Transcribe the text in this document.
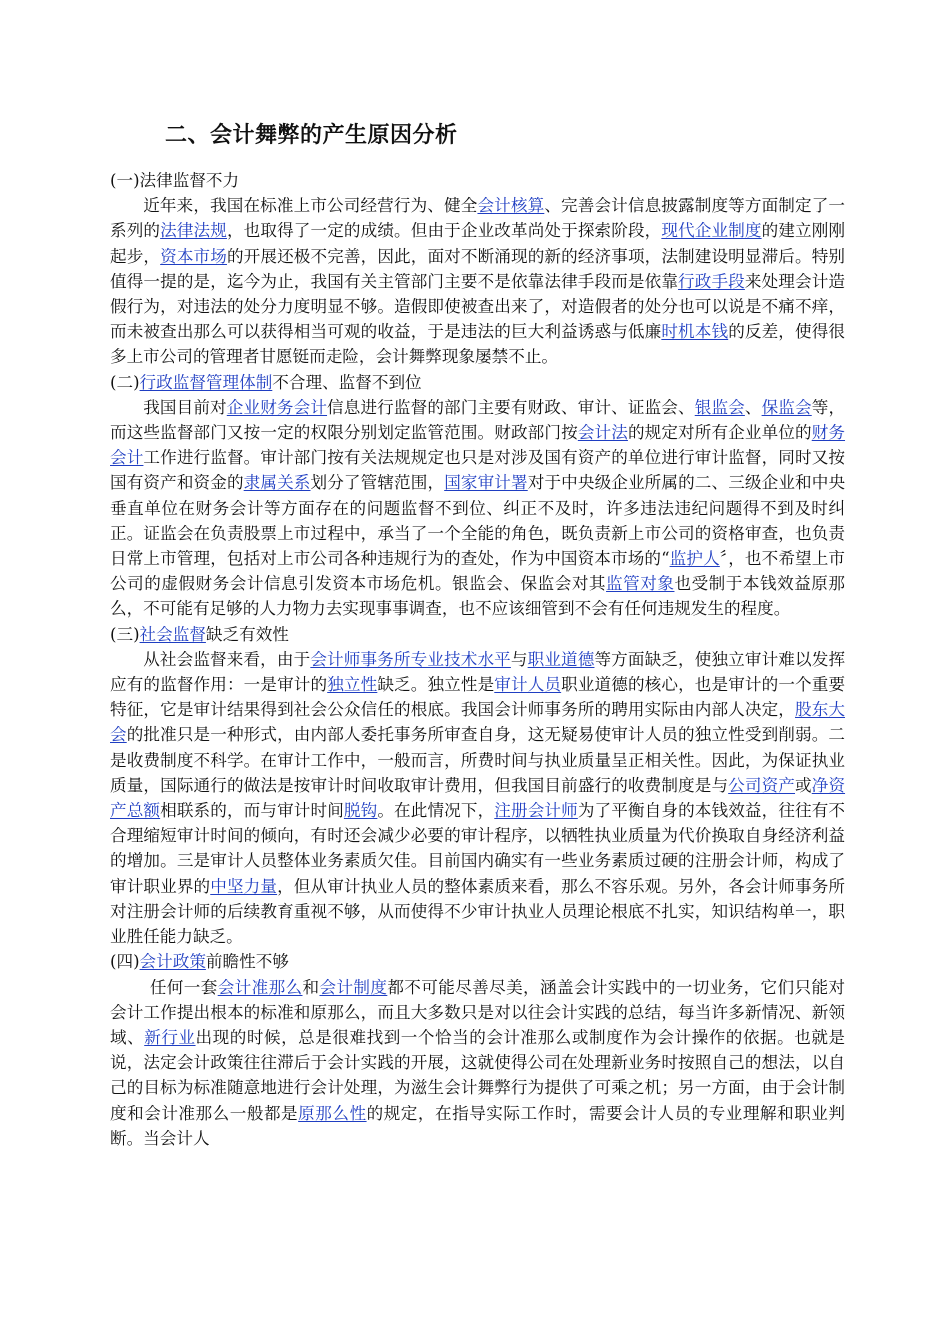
二、会计舞弊的产生原因分析

(一)法律监督不力

近年来，我国在标准上市公司经营行为、健全会计核算、完善会计信息披露制度等方面制定了一系列的法律法规，也取得了一定的成绩。但由于企业改革尚处于探索阶段，现代企业制度的建立刚刚起步，资本市场的开展还极不完善，因此，面对不断涌现的新的经济事项，法制建设明显滞后。特别值得一提的是，迄今为止，我国有关主管部门主要不是依靠法律手段而是依靠行政手段来处理会计造假行为，对违法的处分力度明显不够。造假即使被查出来了，对造假者的处分也可以说是不痛不痒，而未被查出那么可以获得相当可观的收益，于是违法的巨大利益诱惑与低廉时机本钱的反差，使得很多上市公司的管理者甘愿铤而走险，会计舞弊现象屡禁不止。

(二)行政监督管理体制不合理、监督不到位

我国目前对企业财务会计信息进行监督的部门主要有财政、审计、证监会、银监会、保监会等，而这些监督部门又按一定的权限分别划定监管范围。财政部门按会计法的规定对所有企业单位的财务会计工作进行监督。审计部门按有关法规规定也只是对涉及国有资产的单位进行审计监督，同时又按国有资产和资金的隶属关系划分了管辖范围，国家审计署对于中央级企业所属的二、三级企业和中央垂直单位在财务会计等方面存在的问题监督不到位、纠正不及时，许多违法违纪问题得不到及时纠正。证监会在负责股票上市过程中，承当了一个全能的角色，既负责新上市公司的资格审查，也负责日常上市管理，包括对上市公司各种违规行为的查处，作为中国资本市场的“监护人〞，也不希望上市公司的虚假财务会计信息引发资本市场危机。银监会、保监会对其监管对象也受制于本钱效益原那么，不可能有足够的人力物力去实现事事调查，也不应该细管到不会有任何违规发生的程度。

(三)社会监督缺乏有效性

从社会监督来看，由于会计师事务所专业技术水平与职业道德等方面缺乏，使独立审计难以发挥应有的监督作用：一是审计的独立性缺乏。独立性是审计人员职业道德的核心，也是审计的一个重要特征，它是审计结果得到社会公众信任的根底。我国会计师事务所的聘用实际由内部人决定，股东大会的批准只是一种形式，由内部人委托事务所审查自身，这无疑易使审计人员的独立性受到削弱。二是收费制度不科学。在审计工作中，一般而言，所费时间与执业质量呈正相关性。因此，为保证执业质量，国际通行的做法是按审计时间收取审计费用，但我国目前盛行的收费制度是与公司资产或净资产总额相联系的，而与审计时间脱钩。在此情况下，注册会计师为了平衡自身的本钱效益，往往有不合理缩短审计时间的倾向，有时还会减少必要的审计程序，以牺牲执业质量为代价换取自身经济利益的增加。三是审计人员整体业务素质欠佳。目前国内确实有一些业务素质过硬的注册会计师，构成了审计职业界的中坚力量，但从审计执业人员的整体素质来看，那么不容乐观。另外，各会计师事务所对注册会计师的后续教育重视不够，从而使得不少审计执业人员理论根底不扎实，知识结构单一，职业胜任能力缺乏。

(四)会计政策前瞻性不够

任何一套会计准那么和会计制度都不可能尽善尽美，涵盖会计实践中的一切业务，它们只能对会计工作提出根本的标准和原那么，而且大多数只是对以往会计实践的总结，每当许多新情况、新领域、新行业出现的时候，总是很难找到一个恰当的会计准那么或制度作为会计操作的依据。也就是说，法定会计政策往往滞后于会计实践的开展，这就使得公司在处理新业务时按照自己的想法，以自己的目标为标准随意地进行会计处理，为滋生会计舞弊行为提供了可乘之机；另一方面，由于会计制度和会计准那么一般都是原那么性的规定，在指导实际工作时，需要会计人员的专业理解和职业判断。当会计人
